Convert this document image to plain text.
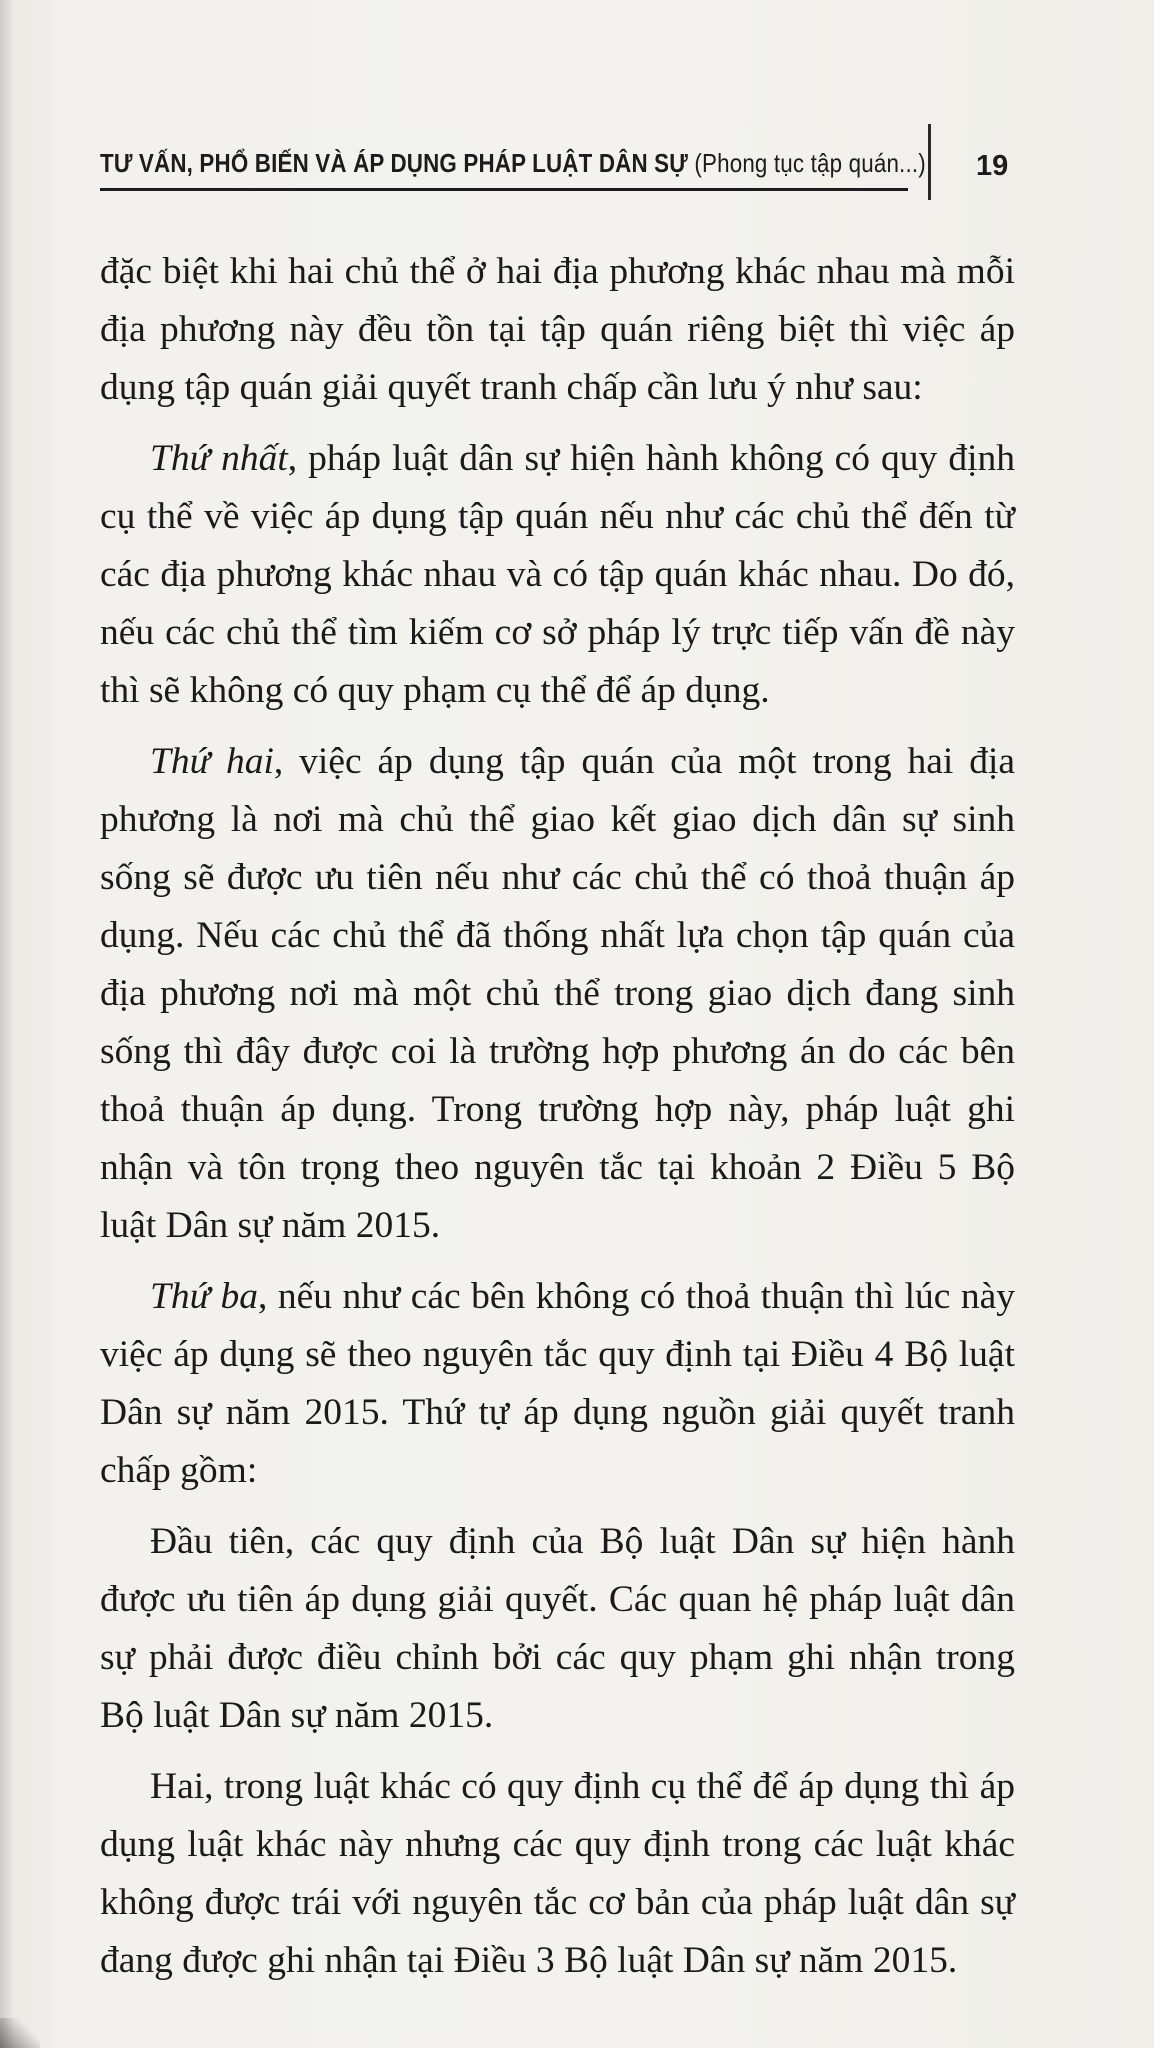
TƯ VẤN, PHỔ BIẾN VÀ ÁP DỤNG PHÁP LUẬT DÂN SỰ (Phong tục tập quán...) 19

đặc biệt khi hai chủ thể ở hai địa phương khác nhau mà mỗi địa phương này đều tồn tại tập quán riêng biệt thì việc áp dụng tập quán giải quyết tranh chấp cần lưu ý như sau:

Thứ nhất, pháp luật dân sự hiện hành không có quy định cụ thể về việc áp dụng tập quán nếu như các chủ thể đến từ các địa phương khác nhau và có tập quán khác nhau. Do đó, nếu các chủ thể tìm kiếm cơ sở pháp lý trực tiếp vấn đề này thì sẽ không có quy phạm cụ thể để áp dụng.

Thứ hai, việc áp dụng tập quán của một trong hai địa phương là nơi mà chủ thể giao kết giao dịch dân sự sinh sống sẽ được ưu tiên nếu như các chủ thể có thoả thuận áp dụng. Nếu các chủ thể đã thống nhất lựa chọn tập quán của địa phương nơi mà một chủ thể trong giao dịch đang sinh sống thì đây được coi là trường hợp phương án do các bên thoả thuận áp dụng. Trong trường hợp này, pháp luật ghi nhận và tôn trọng theo nguyên tắc tại khoản 2 Điều 5 Bộ luật Dân sự năm 2015.

Thứ ba, nếu như các bên không có thoả thuận thì lúc này việc áp dụng sẽ theo nguyên tắc quy định tại Điều 4 Bộ luật Dân sự năm 2015. Thứ tự áp dụng nguồn giải quyết tranh chấp gồm:

Đầu tiên, các quy định của Bộ luật Dân sự hiện hành được ưu tiên áp dụng giải quyết. Các quan hệ pháp luật dân sự phải được điều chỉnh bởi các quy phạm ghi nhận trong Bộ luật Dân sự năm 2015.

Hai, trong luật khác có quy định cụ thể để áp dụng thì áp dụng luật khác này nhưng các quy định trong các luật khác không được trái với nguyên tắc cơ bản của pháp luật dân sự đang được ghi nhận tại Điều 3 Bộ luật Dân sự năm 2015.
